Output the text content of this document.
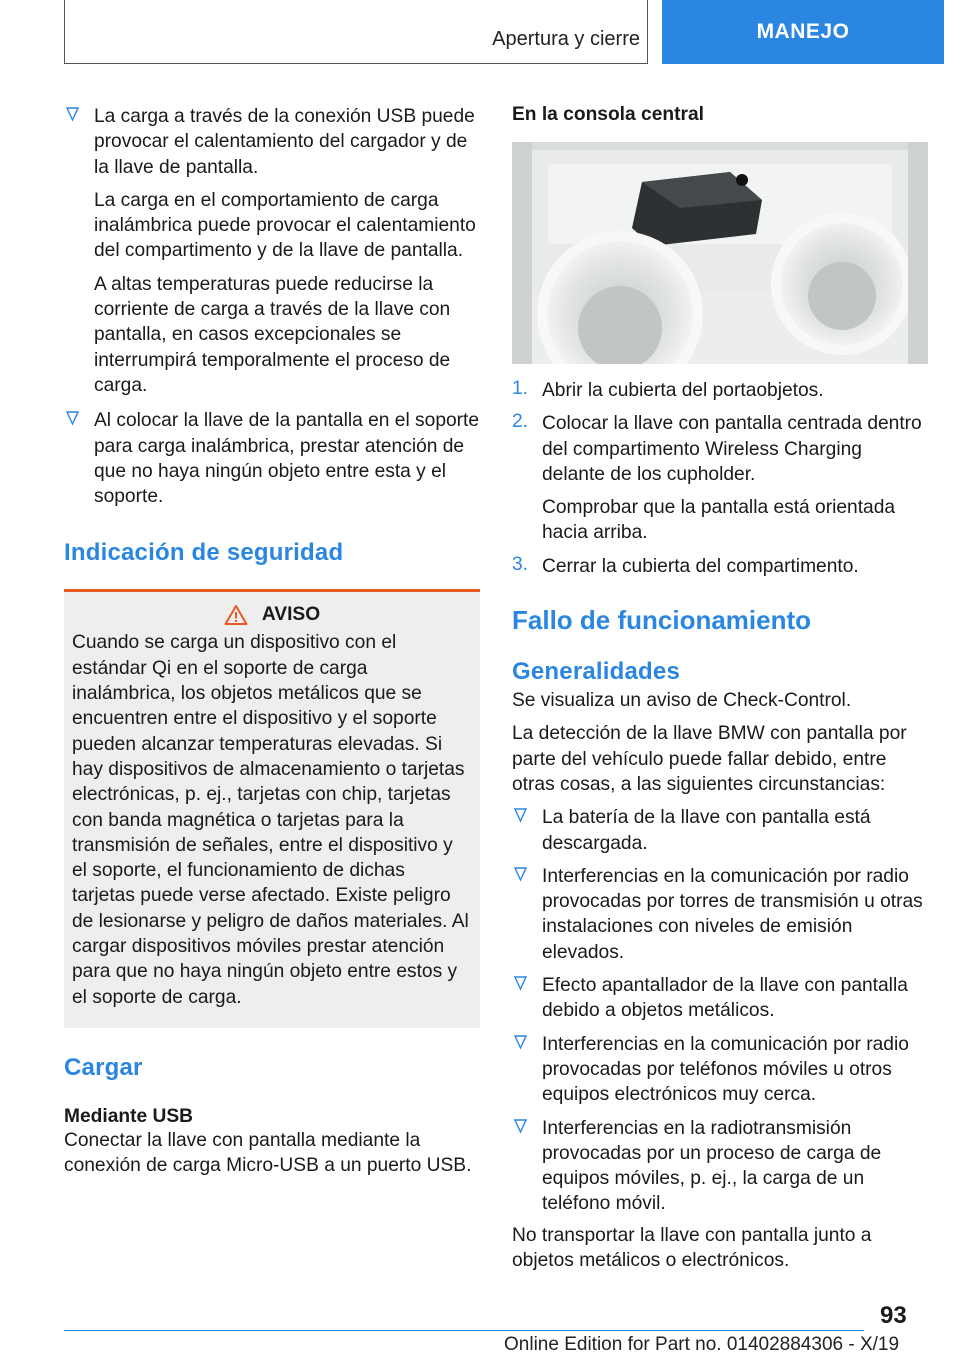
Apertura y cierre	MANEJO

La carga a través de la conexión USB puede provocar el calentamiento del cargador y de la llave de pantalla.

La carga en el comportamiento de carga inalámbrica puede provocar el calentamiento del compartimento y de la llave de pantalla.

A altas temperaturas puede reducirse la corriente de carga a través de la llave con pantalla, en casos excepcionales se interrumpirá temporalmente el proceso de carga.

Al colocar la llave de la pantalla en el soporte para carga inalámbrica, prestar atención de que no haya ningún objeto entre esta y el soporte.

Indicación de seguridad

AVISO

Cuando se carga un dispositivo con el estándar Qi en el soporte de carga inalámbrica, los objetos metálicos que se encuentren entre el dispositivo y el soporte pueden alcanzar temperaturas elevadas. Si hay dispositivos de almacenamiento o tarjetas electrónicas, p. ej., tarjetas con chip, tarjetas con banda magnética o tarjetas para la transmisión de señales, entre el dispositivo y el soporte, el funcionamiento de dichas tarjetas puede verse afectado. Existe peligro de lesionarse y peligro de daños materiales. Al cargar dispositivos móviles prestar atención para que no haya ningún objeto entre estos y el soporte de carga.

Cargar

Mediante USB

Conectar la llave con pantalla mediante la conexión de carga Micro-USB a un puerto USB.

En la consola central

1. Abrir la cubierta del portaobjetos.

2. Colocar la llave con pantalla centrada dentro del compartimento Wireless Charging delante de los cupholder.

Comprobar que la pantalla está orientada hacia arriba.

3. Cerrar la cubierta del compartimento.

Fallo de funcionamiento

Generalidades

Se visualiza un aviso de Check-Control.

La detección de la llave BMW con pantalla por parte del vehículo puede fallar debido, entre otras cosas, a las siguientes circunstancias:

La batería de la llave con pantalla está descargada.

Interferencias en la comunicación por radio provocadas por torres de transmisión u otras instalaciones con niveles de emisión elevados.

Efecto apantallador de la llave con pantalla debido a objetos metálicos.

Interferencias en la comunicación por radio provocadas por teléfonos móviles u otros equipos electrónicos muy cerca.

Interferencias en la radiotransmisión provocadas por un proceso de carga de equipos móviles, p. ej., la carga de un teléfono móvil.

No transportar la llave con pantalla junto a objetos metálicos o electrónicos.

93
Online Edition for Part no. 01402884306 - X/19
